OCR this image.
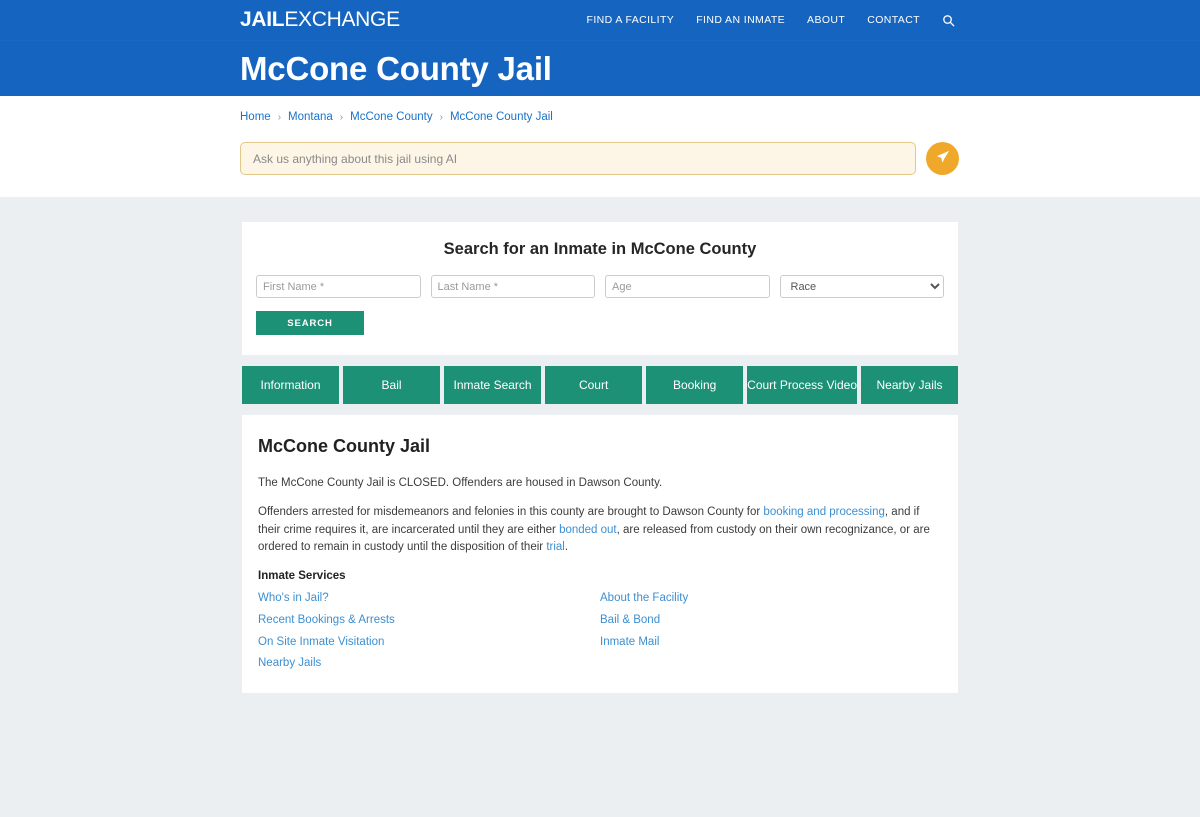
JAILEXCHANGE	FIND A FACILITY FIND AN INMATE ABOUT CONTACT
McCone County Jail
Home › Montana › McCone County › McCone County Jail
Ask us anything about this jail using AI
Search for an Inmate in McCone County
First Name *
Last Name *
Age
Race
SEARCH
Information	Bail	Inmate Search	Court	Booking	Court Process Video	Nearby Jails
McCone County Jail

The McCone County Jail is CLOSED. Offenders are housed in Dawson County.

Offenders arrested for misdemeanors and felonies in this county are brought to Dawson County for booking and processing, and if their crime requires it, are incarcerated until they are either bonded out, are released from custody on their own recognizance, or are ordered to remain in custody until the disposition of their trial.

Inmate Services
Who's in Jail?
Recent Bookings & Arrests
On Site Inmate Visitation
Nearby Jails
About the Facility
Bail & Bond
Inmate Mail
